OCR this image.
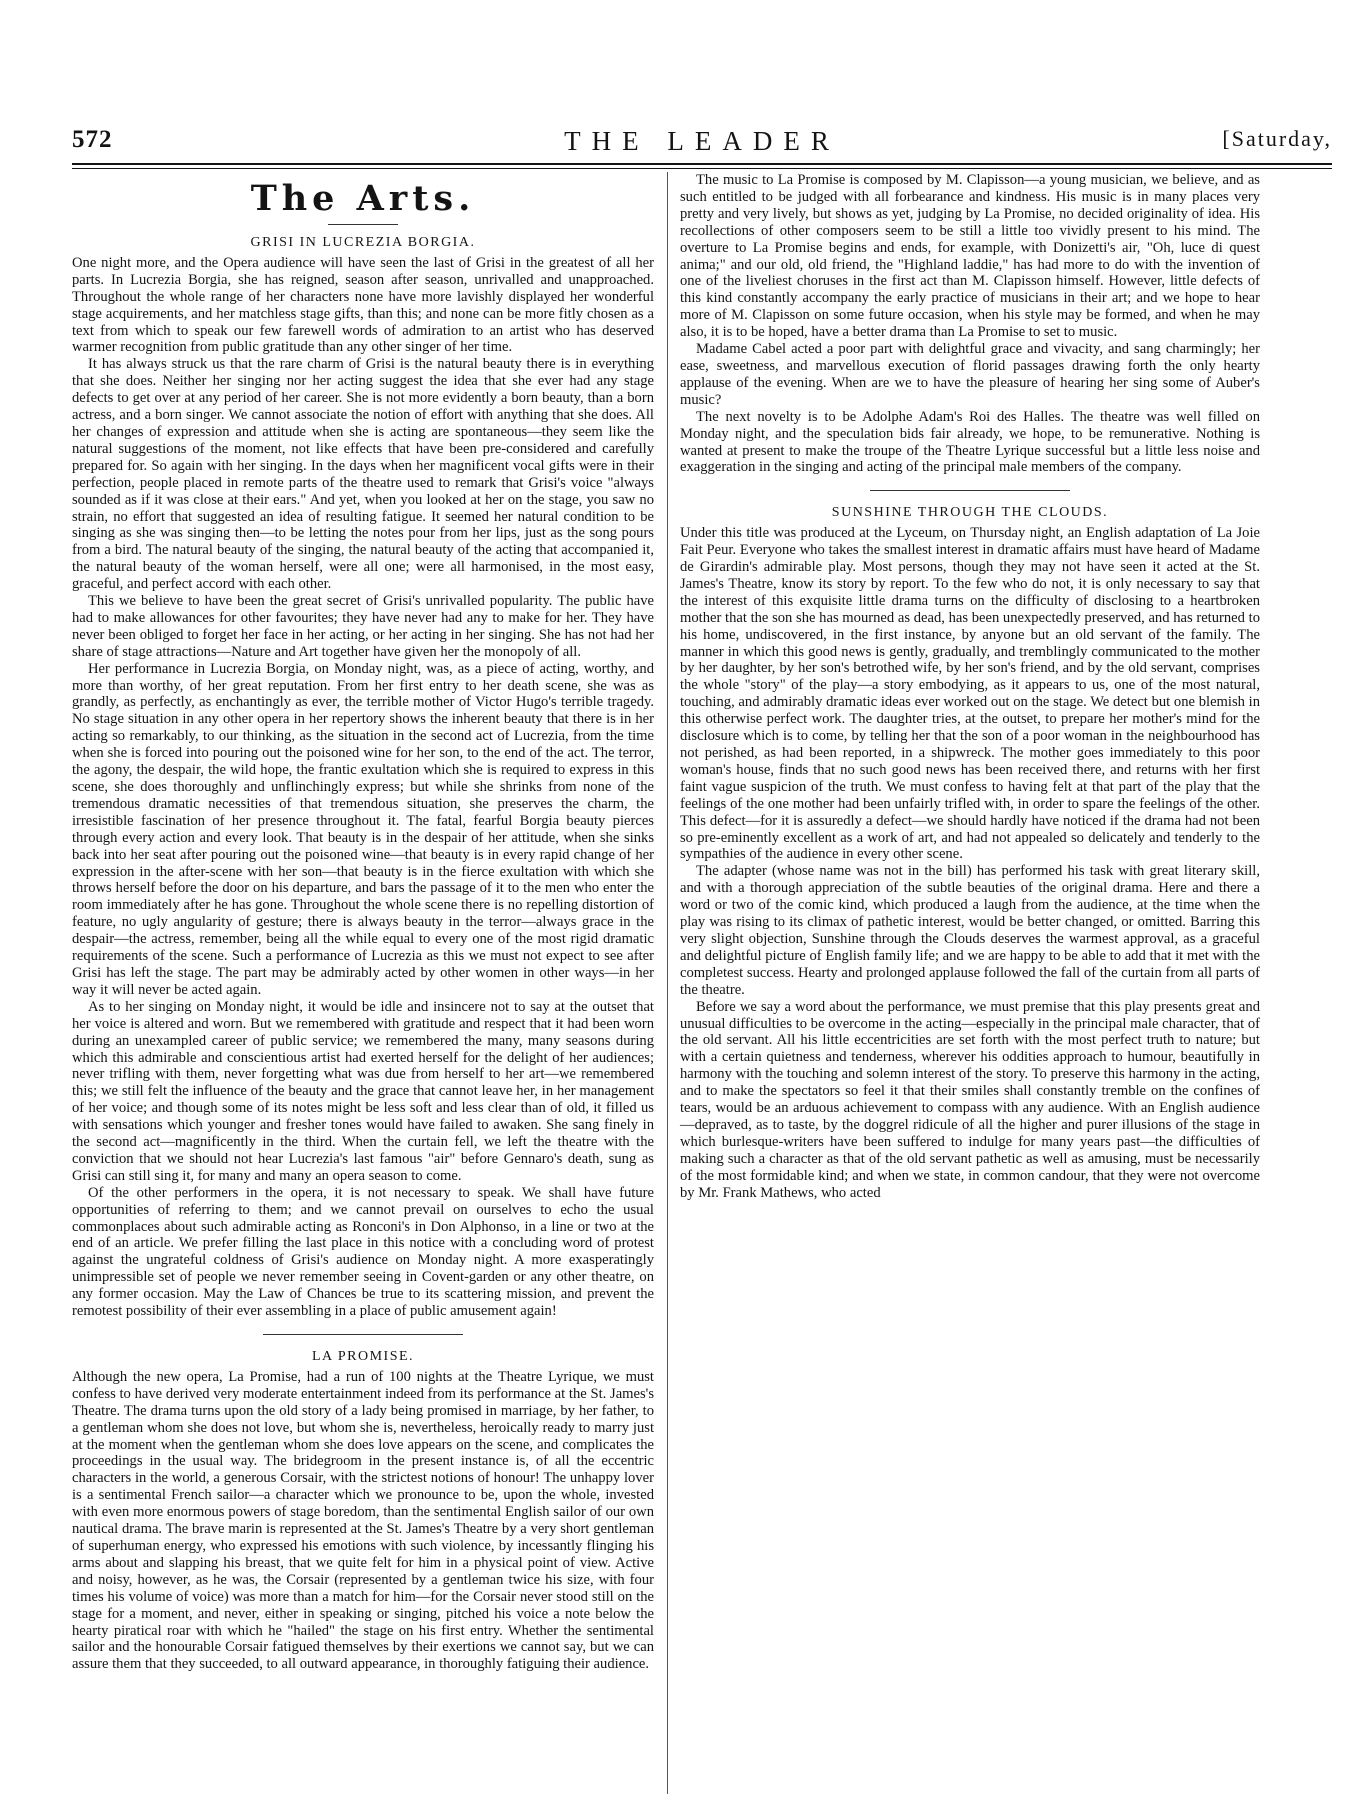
572	THE LEADER	[Saturday,
The Arts.
GRISI IN LUCREZIA BORGIA.

One night more, and the Opera audience will have seen the last of Grisi in the greatest of all her parts. In Lucrezia Borgia, she has reigned, season after season, unrivalled and unapproached. Throughout the whole range of her characters none have more lavishly displayed her wonderful stage acquirements, and her matchless stage gifts, than this; and none can be more fitly chosen as a text from which to speak our few farewell words of admiration to an artist who has deserved warmer recognition from public gratitude than any other singer of her time.

It has always struck us that the rare charm of Grisi is the natural beauty there is in everything that she does. Neither her singing nor her acting suggest the idea that she ever had any stage defects to get over at any period of her career. She is not more evidently a born beauty, than a born actress, and a born singer. We cannot associate the notion of effort with anything that she does. All her changes of expression and attitude when she is acting are spontaneous—they seem like the natural suggestions of the moment, not like effects that have been pre-considered and carefully prepared for. So again with her singing. In the days when her magnificent vocal gifts were in their perfection, people placed in remote parts of the theatre used to remark that Grisi's voice "always sounded as if it was close at their ears." And yet, when you looked at her on the stage, you saw no strain, no effort that suggested an idea of resulting fatigue. It seemed her natural condition to be singing as she was singing then—to be letting the notes pour from her lips, just as the song pours from a bird. The natural beauty of the singing, the natural beauty of the acting that accompanied it, the natural beauty of the woman herself, were all one; were all harmonised, in the most easy, graceful, and perfect accord with each other.

This we believe to have been the great secret of Grisi's unrivalled popularity. The public have had to make allowances for other favourites; they have never had any to make for her. They have never been obliged to forget her face in her acting, or her acting in her singing. She has not had her share of stage attractions—Nature and Art together have given her the monopoly of all.

Her performance in Lucrezia Borgia, on Monday night, was, as a piece of acting, worthy, and more than worthy, of her great reputation. From her first entry to her death scene, she was as grandly, as perfectly, as enchantingly as ever, the terrible mother of Victor Hugo's terrible tragedy. No stage situation in any other opera in her repertory shows the inherent beauty that there is in her acting so remarkably, to our thinking, as the situation in the second act of Lucrezia, from the time when she is forced into pouring out the poisoned wine for her son, to the end of the act. The terror, the agony, the despair, the wild hope, the frantic exultation which she is required to express in this scene, she does thoroughly and unflinchingly express; but while she shrinks from none of the tremendous dramatic necessities of that tremendous situation, she preserves the charm, the irresistible fascination of her presence throughout it. The fatal, fearful Borgia beauty pierces through every action and every look. That beauty is in the despair of her attitude, when she sinks back into her seat after pouring out the poisoned wine—that beauty is in every rapid change of her expression in the after-scene with her son—that beauty is in the fierce exultation with which she throws herself before the door on his departure, and bars the passage of it to the men who enter the room immediately after he has gone. Throughout the whole scene there is no repelling distortion of feature, no ugly angularity of gesture; there is always beauty in the terror—always grace in the despair—the actress, remember, being all the while equal to every one of the most rigid dramatic requirements of the scene. Such a performance of Lucrezia as this we must not expect to see after Grisi has left the stage. The part may be admirably acted by other women in other ways—in her way it will never be acted again.

As to her singing on Monday night, it would be idle and insincere not to say at the outset that her voice is altered and worn. But we remembered with gratitude and respect that it had been worn during an unexampled career of public service; we remembered the many, many seasons during which this admirable and conscientious artist had exerted herself for the delight of her audiences; never trifling with them, never forgetting what was due from herself to her art—we remembered this; we still felt the influence of the beauty and the grace that cannot leave her, in her management of her voice; and though some of its notes might be less soft and less clear than of old, it filled us with sensations which younger and fresher tones would have failed to awaken. She sang finely in the second act—magnificently in the third. When the curtain fell, we left the theatre with the conviction that we should not hear Lucrezia's last famous "air" before Gennaro's death, sung as Grisi can still sing it, for many and many an opera season to come.

Of the other performers in the opera, it is not necessary to speak. We shall have future opportunities of referring to them; and we cannot prevail on ourselves to echo the usual commonplaces about such admirable acting as Ronconi's in Don Alphonso, in a line or two at the end of an article. We prefer filling the last place in this notice with a concluding word of protest against the ungrateful coldness of Grisi's audience on Monday night. A more exasperatingly unimpressible set of people we never remember seeing in Covent-garden or any other theatre, on any former occasion. May the Law of Chances be true to its scattering mission, and prevent the remotest possibility of their ever assembling in a place of public amusement again!

LA PROMISE.

Although the new opera, La Promise, had a run of 100 nights at the Theatre Lyrique, we must confess to have derived very moderate entertainment indeed from its performance at the St. James's Theatre. The drama turns upon the old story of a lady being promised in marriage, by her father, to a gentleman whom she does not love, but whom she is, nevertheless, heroically ready to marry just at the moment when the gentleman whom she does love appears on the scene, and complicates the proceedings in the usual way. The bridegroom in the present instance is, of all the eccentric characters in the world, a generous Corsair, with the strictest notions of honour! The unhappy lover is a sentimental French sailor—a character which we pronounce to be, upon the whole, invested with even more enormous powers of stage boredom, than the sentimental English sailor of our own nautical drama. The brave marin is represented at the St. James's Theatre by a very short gentleman of superhuman energy, who expressed his emotions with such violence, by incessantly flinging his arms about and slapping his breast, that we quite felt for him in a physical point of view. Active and noisy, however, as he was, the Corsair (represented by a gentleman twice his size, with four times his volume of voice) was more than a match for him—for the Corsair never stood still on the stage for a moment, and never, either in speaking or singing, pitched his voice a note below the hearty piratical roar with which he "hailed" the stage on his first entry. Whether the sentimental sailor and the honourable Corsair fatigued themselves by their exertions we cannot say, but we can assure them that they succeeded, to all outward appearance, in thoroughly fatiguing their audience.

The music to La Promise is composed by M. Clapisson—a young musician, we believe, and as such entitled to be judged with all forbearance and kindness. His music is in many places very pretty and very lively, but shows as yet, judging by La Promise, no decided originality of idea. His recollections of other composers seem to be still a little too vividly present to his mind. The overture to La Promise begins and ends, for example, with Donizetti's air, "Oh, luce di quest anima;" and our old, old friend, the "Highland laddie," has had more to do with the invention of one of the liveliest choruses in the first act than M. Clapisson himself. However, little defects of this kind constantly accompany the early practice of musicians in their art; and we hope to hear more of M. Clapisson on some future occasion, when his style may be formed, and when he may also, it is to be hoped, have a better drama than La Promise to set to music.

Madame Cabel acted a poor part with delightful grace and vivacity, and sang charmingly; her ease, sweetness, and marvellous execution of florid passages drawing forth the only hearty applause of the evening. When are we to have the pleasure of hearing her sing some of Auber's music?

The next novelty is to be Adolphe Adam's Roi des Halles. The theatre was well filled on Monday night, and the speculation bids fair already, we hope, to be remunerative. Nothing is wanted at present to make the troupe of the Theatre Lyrique successful but a little less noise and exaggeration in the singing and acting of the principal male members of the company.

SUNSHINE THROUGH THE CLOUDS.

Under this title was produced at the Lyceum, on Thursday night, an English adaptation of La Joie Fait Peur. Everyone who takes the smallest interest in dramatic affairs must have heard of Madame de Girardin's admirable play. Most persons, though they may not have seen it acted at the St. James's Theatre, know its story by report. To the few who do not, it is only necessary to say that the interest of this exquisite little drama turns on the difficulty of disclosing to a heartbroken mother that the son she has mourned as dead, has been unexpectedly preserved, and has returned to his home, undiscovered, in the first instance, by anyone but an old servant of the family. The manner in which this good news is gently, gradually, and tremblingly communicated to the mother by her daughter, by her son's betrothed wife, by her son's friend, and by the old servant, comprises the whole "story" of the play—a story embodying, as it appears to us, one of the most natural, touching, and admirably dramatic ideas ever worked out on the stage. We detect but one blemish in this otherwise perfect work. The daughter tries, at the outset, to prepare her mother's mind for the disclosure which is to come, by telling her that the son of a poor woman in the neighbourhood has not perished, as had been reported, in a shipwreck. The mother goes immediately to this poor woman's house, finds that no such good news has been received there, and returns with her first faint vague suspicion of the truth. We must confess to having felt at that part of the play that the feelings of the one mother had been unfairly trifled with, in order to spare the feelings of the other. This defect—for it is assuredly a defect—we should hardly have noticed if the drama had not been so pre-eminently excellent as a work of art, and had not appealed so delicately and tenderly to the sympathies of the audience in every other scene.

The adapter (whose name was not in the bill) has performed his task with great literary skill, and with a thorough appreciation of the subtle beauties of the original drama. Here and there a word or two of the comic kind, which produced a laugh from the audience, at the time when the play was rising to its climax of pathetic interest, would be better changed, or omitted. Barring this very slight objection, Sunshine through the Clouds deserves the warmest approval, as a graceful and delightful picture of English family life; and we are happy to be able to add that it met with the completest success. Hearty and prolonged applause followed the fall of the curtain from all parts of the theatre.

Before we say a word about the performance, we must premise that this play presents great and unusual difficulties to be overcome in the acting—especially in the principal male character, that of the old servant. All his little eccentricities are set forth with the most perfect truth to nature; but with a certain quietness and tenderness, wherever his oddities approach to humour, beautifully in harmony with the touching and solemn interest of the story. To preserve this harmony in the acting, and to make the spectators so feel it that their smiles shall constantly tremble on the confines of tears, would be an arduous achievement to compass with any audience. With an English audience—depraved, as to taste, by the doggrel ridicule of all the higher and purer illusions of the stage in which burlesque-writers have been suffered to indulge for many years past—the difficulties of making such a character as that of the old servant pathetic as well as amusing, must be necessarily of the most formidable kind; and when we state, in common candour, that they were not overcome by Mr. Frank Mathews, who acted
